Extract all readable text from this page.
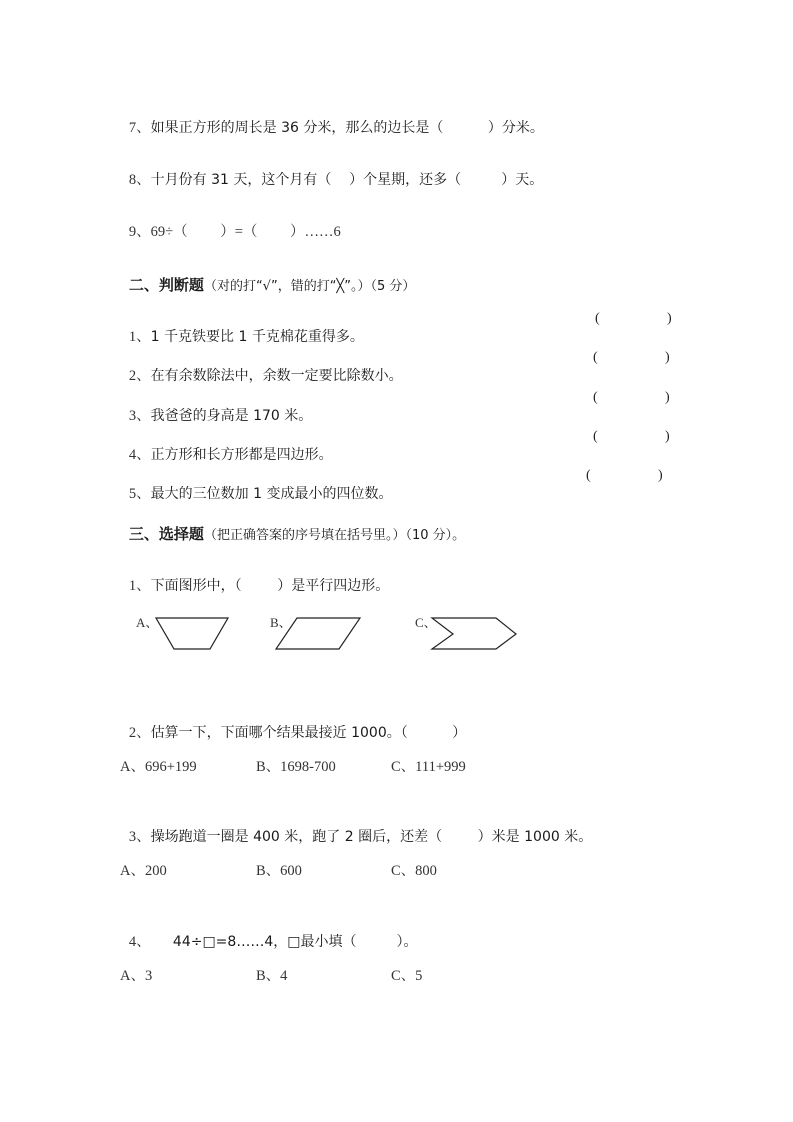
7、如果正方形的周长是 36 分米，那么的边长是（          ）分米。

8、十月份有 31 天，这个月有（    ）个星期，还多（         ）天。

9、69÷（         ）=（         ）……6

二、判断题（对的打“√”，错的打“╳”。）（5 分）

1、1 千克铁要比 1 千克棉花重得多。

(	)

2、在有余数除法中，余数一定要比除数小。

(	)

3、我爸爸的身高是 170 米。

(	)

4、正方形和长方形都是四边形。

(	)

5、最大的三位数加 1 变成最小的四位数。

(	)

三、选择题（把正确答案的序号填在括号里。）（10 分）。

1、下面图形中，（        ）是平行四边形。

A、	B、	C、

2、估算一下，下面哪个结果最接近 1000。（          ）

A、696+199	B、1698-700	C、111+999

3、操场跑道一圈是 400 米，跑了 2 圈后，还差（        ）米是 1000 米。

A、200	B、600	C、800

4、     44÷□=8……4，□最小填（         ）。

A、3	B、4	C、5
